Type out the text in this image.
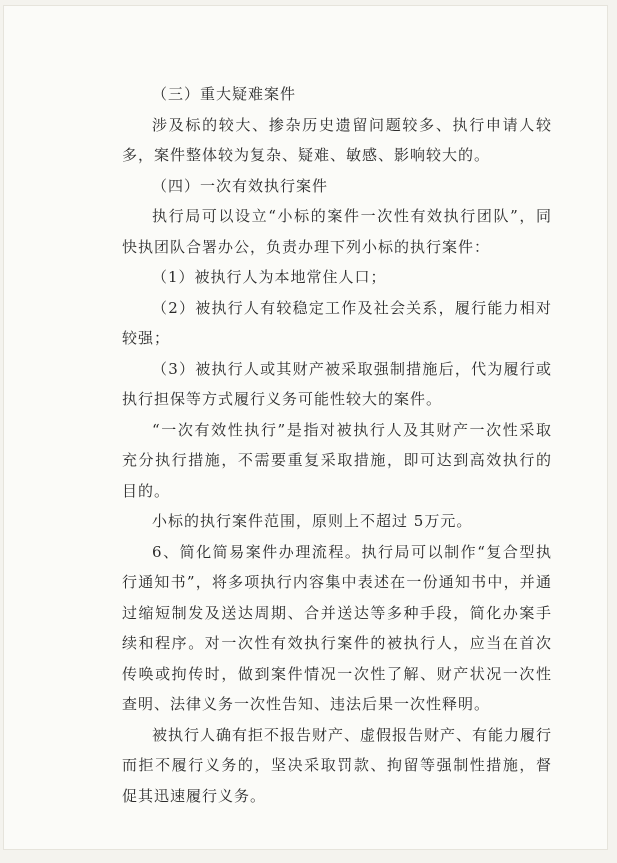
（三）重大疑难案件

涉及标的较大、掺杂历史遗留问题较多、执行申请人较多，案件整体较为复杂、疑难、敏感、影响较大的。

（四）一次有效执行案件

执行局可以设立“小标的案件一次性有效执行团队”，同快执团队合署办公，负责办理下列小标的执行案件：

（1）被执行人为本地常住人口；

（2）被执行人有较稳定工作及社会关系，履行能力相对较强；

（3）被执行人或其财产被采取强制措施后，代为履行或执行担保等方式履行义务可能性较大的案件。

“一次有效性执行”是指对被执行人及其财产一次性采取充分执行措施，不需要重复采取措施，即可达到高效执行的目的。

小标的执行案件范围，原则上不超过 5万元。

6、简化简易案件办理流程。执行局可以制作“复合型执行通知书”，将多项执行内容集中表述在一份通知书中，并通过缩短制发及送达周期、合并送达等多种手段，简化办案手续和程序。对一次性有效执行案件的被执行人，应当在首次传唤或拘传时，做到案件情况一次性了解、财产状况一次性查明、法律义务一次性告知、违法后果一次性释明。

被执行人确有拒不报告财产、虚假报告财产、有能力履行而拒不履行义务的，坚决采取罚款、拘留等强制性措施，督促其迅速履行义务。
